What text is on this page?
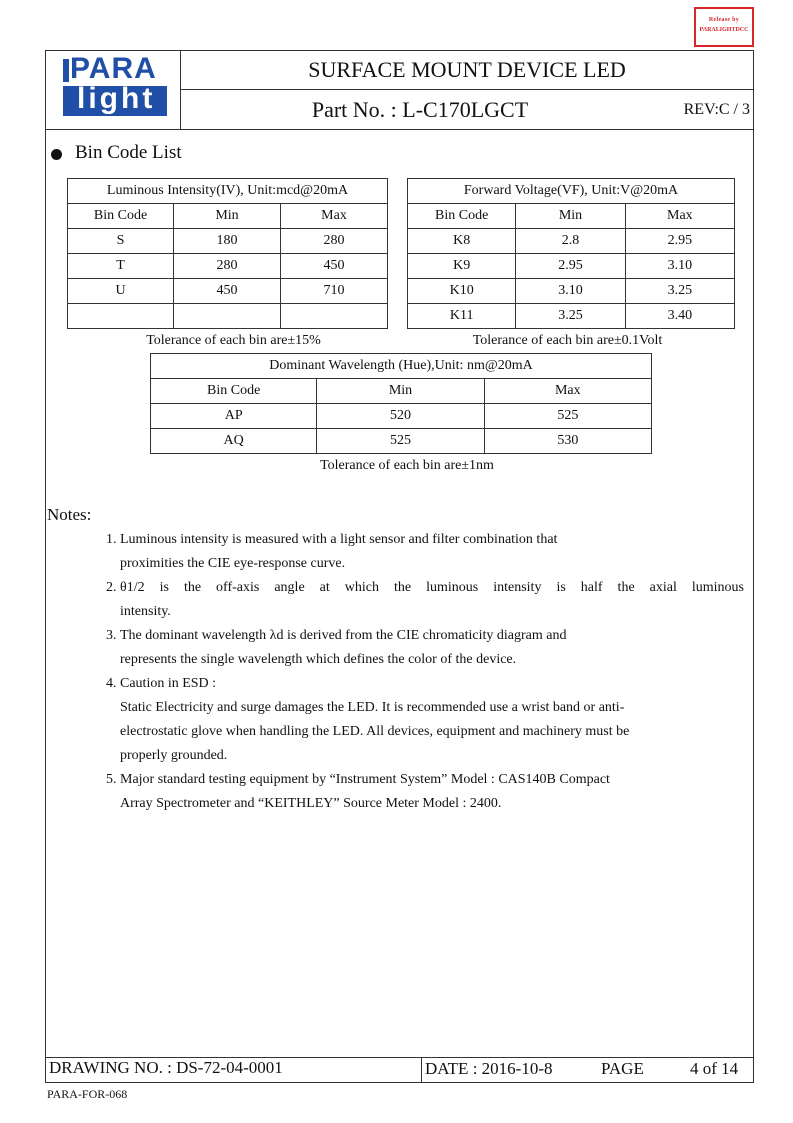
Release by
PARALIGHTDCC
PARA
light
SURFACE MOUNT DEVICE LED
Part No. : L-C170LGCT	REV:C / 3
Bin Code List
Luminous Intensity(IV), Unit:mcd@20mA		
Bin Code	Min	Max
S	180	280
T	280	450
U	450	710

Tolerance of each bin are±15%
Forward Voltage(VF), Unit:V@20mA		
Bin Code	Min	Max
K8	2.8	2.95
K9	2.95	3.10
K10	3.10	3.25
K11	3.25	3.40
Tolerance of each bin are±0.1Volt
Dominant Wavelength (Hue),Unit: nm@20mA		
Bin Code	Min	Max
AP	520	525
AQ	525	530
Tolerance of each bin are±1nm
Notes:
1. Luminous intensity is measured with a light sensor and filter combination that
proximities the CIE eye-response curve.
2. θ1/2 is the off-axis angle at which the luminous intensity is half the axial luminous
intensity.
3. The dominant wavelength λd is derived from the CIE chromaticity diagram and
represents the single wavelength which defines the color of the device.
4. Caution in ESD :
Static Electricity and surge damages the LED. It is recommended use a wrist band or anti-electrostatic glove when handling the LED. All devices, equipment and machinery must be properly grounded.
5. Major standard testing equipment by “Instrument System” Model : CAS140B Compact
Array Spectrometer and “KEITHLEY” Source Meter Model : 2400.
DRAWING NO. : DS-72-04-0001	DATE : 2016-10-8	PAGE	4 of 14
PARA-FOR-068
